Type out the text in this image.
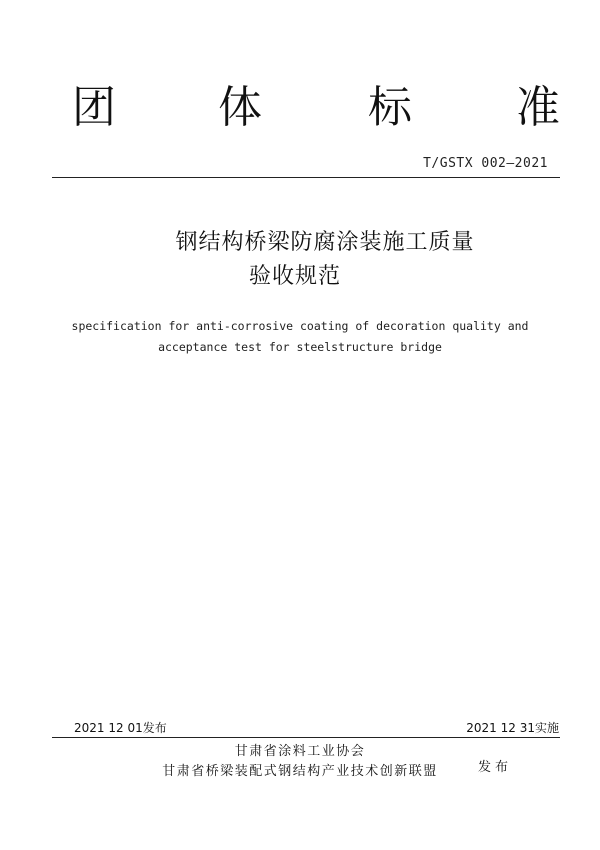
团 体 标 准
T/GSTX 002—2021
钢结构桥梁防腐涂装施工质量
验收规范
specification for anti-corrosive coating of decoration quality and
acceptance test for steelstructure bridge
2021 12 01发布	2021 12 31实施
甘肃省涂料工业协会
甘肃省桥梁装配式钢结构产业技术创新联盟	发布
